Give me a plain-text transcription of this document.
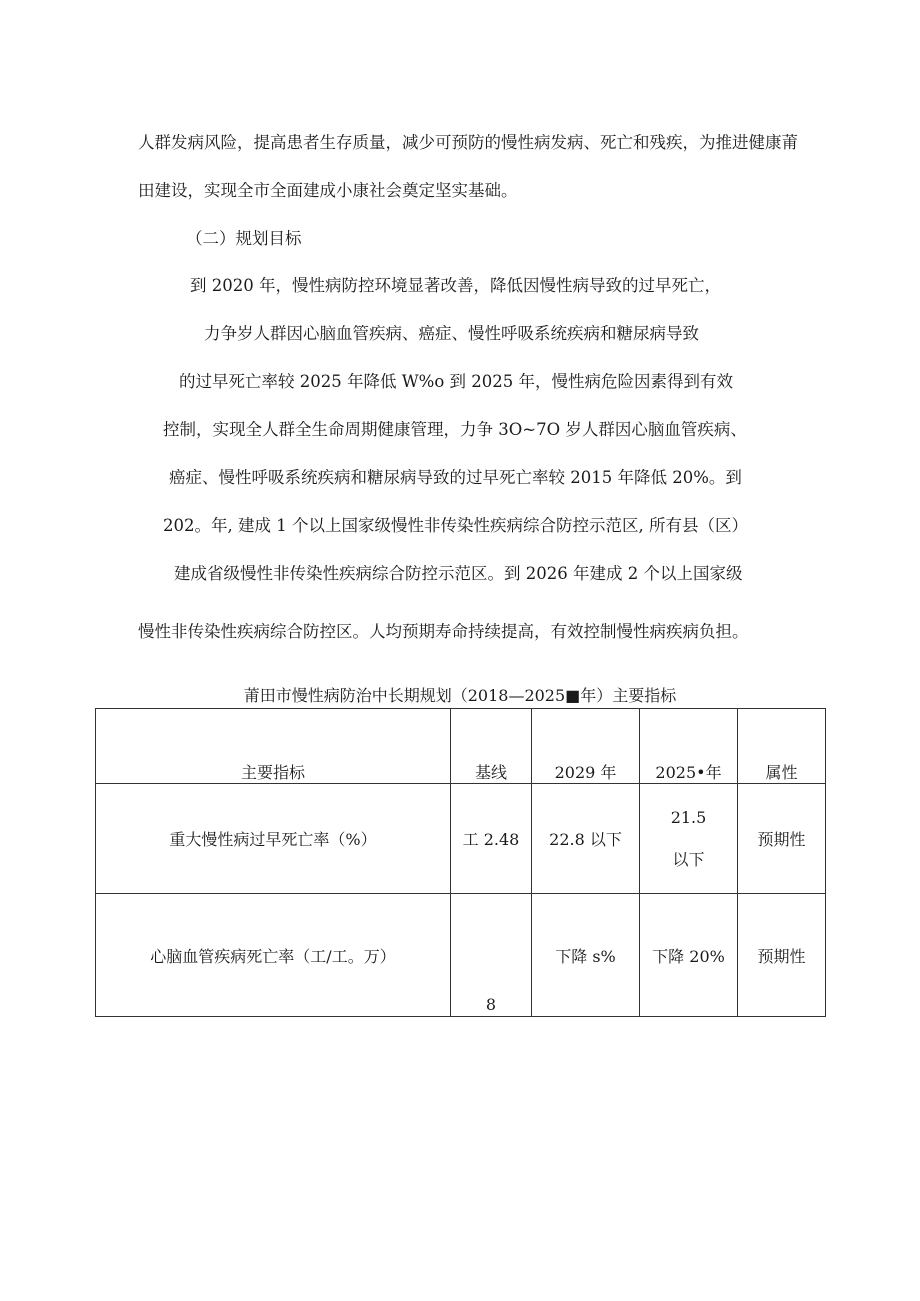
人群发病风险，提高患者生存质量，减少可预防的慢性病发病、死亡和残疾，为推进健康莆
田建设，实现全市全面建成小康社会奠定坚实基础。
（二）规划目标
到 2020 年，慢性病防控环境显著改善，降低因慢性病导致的过早死亡，
力争岁人群因心脑血管疾病、癌症、慢性呼吸系统疾病和糖尿病导致
的过早死亡率较 2025 年降低 W%o 到 2025 年，慢性病危险因素得到有效
控制，实现全人群全生命周期健康管理，力争 3O~7O 岁人群因心脑血管疾病、
癌症、慢性呼吸系统疾病和糖尿病导致的过早死亡率较 2015 年降低 20%。到
202。年, 建成 1 个以上国家级慢性非传染性疾病综合防控示范区, 所有县（区）
建成省级慢性非传染性疾病综合防控示范区。到 2026 年建成 2 个以上国家级
慢性非传染性疾病综合防控区。人均预期寿命持续提高，有效控制慢性病疾病负担。
莆田市慢性病防治中长期规划（2018—2025■年）主要指标
主要指标	基线	2029 年	2025•年	属性
重大慢性病过早死亡率（%）	工 2.48	22.8 以下	21.5 以下	预期性
心脑血管疾病死亡率（工/工。万）	8	下降 s%	下降 20%	预期性
